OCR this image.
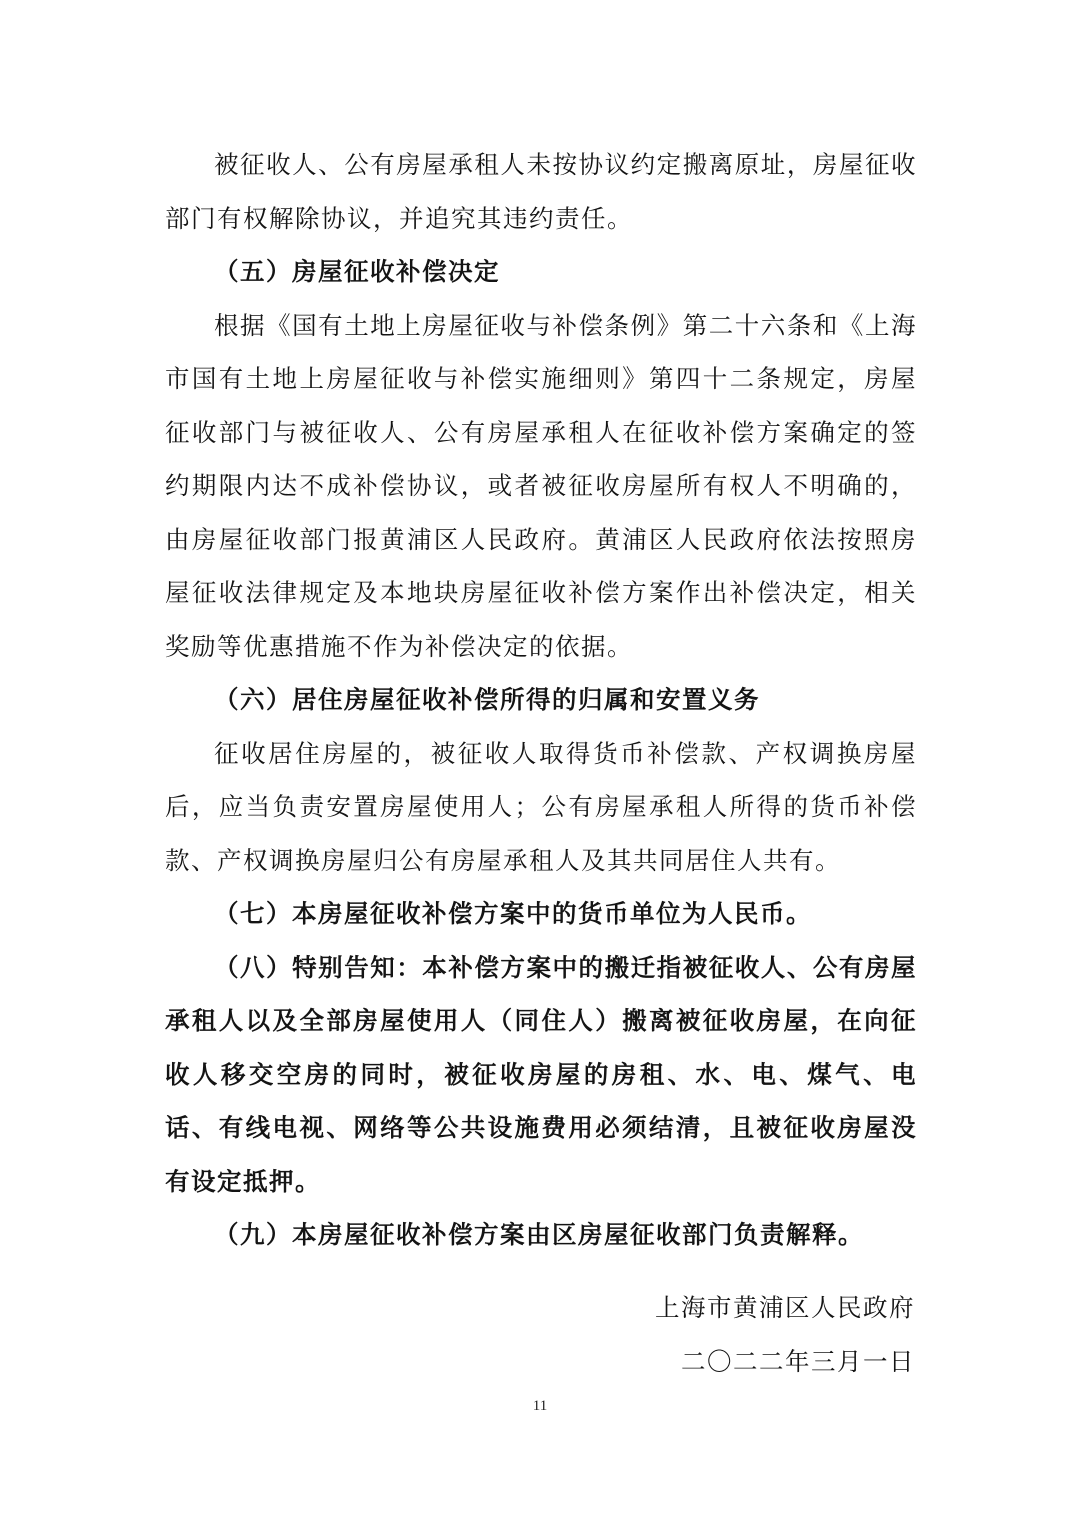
被征收人、公有房屋承租人未按协议约定搬离原址，房屋征收部门有权解除协议，并追究其违约责任。

（五）房屋征收补偿决定

根据《国有土地上房屋征收与补偿条例》第二十六条和《上海市国有土地上房屋征收与补偿实施细则》第四十二条规定，房屋征收部门与被征收人、公有房屋承租人在征收补偿方案确定的签约期限内达不成补偿协议，或者被征收房屋所有权人不明确的，由房屋征收部门报黄浦区人民政府。黄浦区人民政府依法按照房屋征收法律规定及本地块房屋征收补偿方案作出补偿决定，相关奖励等优惠措施不作为补偿决定的依据。

（六）居住房屋征收补偿所得的归属和安置义务

征收居住房屋的，被征收人取得货币补偿款、产权调换房屋后，应当负责安置房屋使用人；公有房屋承租人所得的货币补偿款、产权调换房屋归公有房屋承租人及其共同居住人共有。

（七）本房屋征收补偿方案中的货币单位为人民币。

（八）特别告知：本补偿方案中的搬迁指被征收人、公有房屋承租人以及全部房屋使用人（同住人）搬离被征收房屋，在向征收人移交空房的同时，被征收房屋的房租、水、电、煤气、电话、有线电视、网络等公共设施费用必须结清，且被征收房屋没有设定抵押。

（九）本房屋征收补偿方案由区房屋征收部门负责解释。

上海市黄浦区人民政府

二〇二二年三月一日

11
